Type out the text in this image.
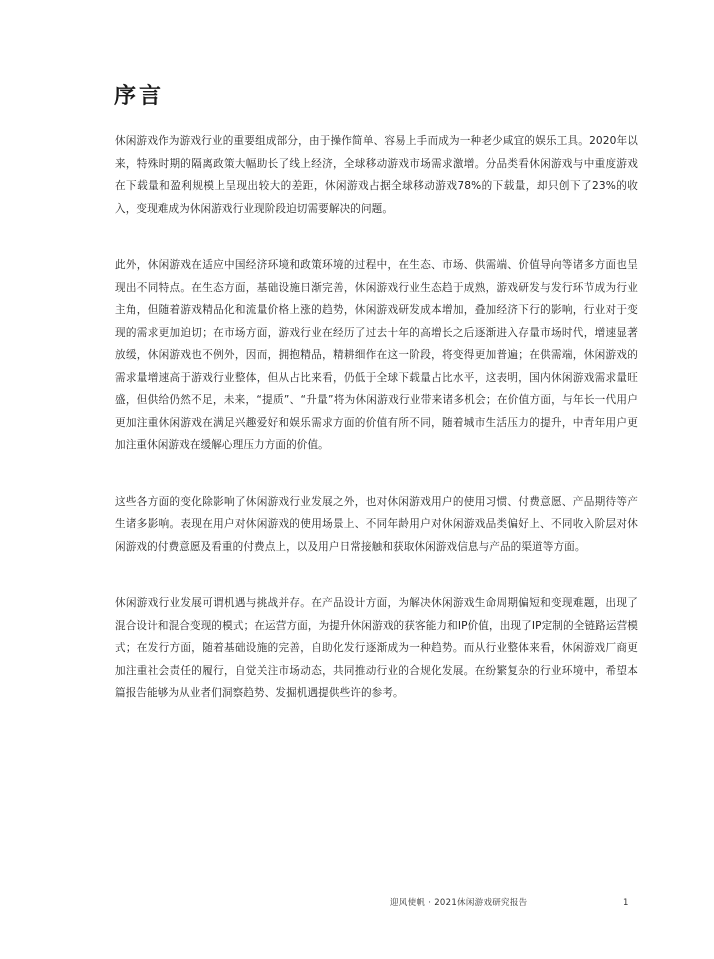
序言

休闲游戏作为游戏行业的重要组成部分，由于操作简单、容易上手而成为一种老少咸宜的娱乐工具。2020年以来，特殊时期的隔离政策大幅助长了线上经济，全球移动游戏市场需求激增。分品类看休闲游戏与中重度游戏在下载量和盈利规模上呈现出较大的差距，休闲游戏占据全球移动游戏78%的下载量，却只创下了23%的收入，变现难成为休闲游戏行业现阶段迫切需要解决的问题。

此外，休闲游戏在适应中国经济环境和政策环境的过程中，在生态、市场、供需端、价值导向等诸多方面也呈现出不同特点。在生态方面，基础设施日渐完善，休闲游戏行业生态趋于成熟，游戏研发与发行环节成为行业主角，但随着游戏精品化和流量价格上涨的趋势，休闲游戏研发成本增加，叠加经济下行的影响，行业对于变现的需求更加迫切；在市场方面，游戏行业在经历了过去十年的高增长之后逐渐进入存量市场时代，增速显著放缓，休闲游戏也不例外，因而，拥抱精品，精耕细作在这一阶段，将变得更加普遍；在供需端，休闲游戏的需求量增速高于游戏行业整体，但从占比来看，仍低于全球下载量占比水平，这表明，国内休闲游戏需求量旺盛，但供给仍然不足，未来，“提质”、“升量”将为休闲游戏行业带来诸多机会；在价值方面，与年长一代用户更加注重休闲游戏在满足兴趣爱好和娱乐需求方面的价值有所不同，随着城市生活压力的提升，中青年用户更加注重休闲游戏在缓解心理压力方面的价值。

这些各方面的变化除影响了休闲游戏行业发展之外，也对休闲游戏用户的使用习惯、付费意愿、产品期待等产生诸多影响。表现在用户对休闲游戏的使用场景上、不同年龄用户对休闲游戏品类偏好上、不同收入阶层对休闲游戏的付费意愿及看重的付费点上，以及用户日常接触和获取休闲游戏信息与产品的渠道等方面。

休闲游戏行业发展可谓机遇与挑战并存。在产品设计方面，为解决休闲游戏生命周期偏短和变现难题，出现了混合设计和混合变现的模式；在运营方面，为提升休闲游戏的获客能力和IP价值，出现了IP定制的全链路运营模式；在发行方面，随着基础设施的完善，自助化发行逐渐成为一种趋势。而从行业整体来看，休闲游戏厂商更加注重社会责任的履行，自觉关注市场动态，共同推动行业的合规化发展。在纷繁复杂的行业环境中，希望本篇报告能够为从业者们洞察趋势、发掘机遇提供些许的参考。

迎风使帆 · 2021休闲游戏研究报告	1
